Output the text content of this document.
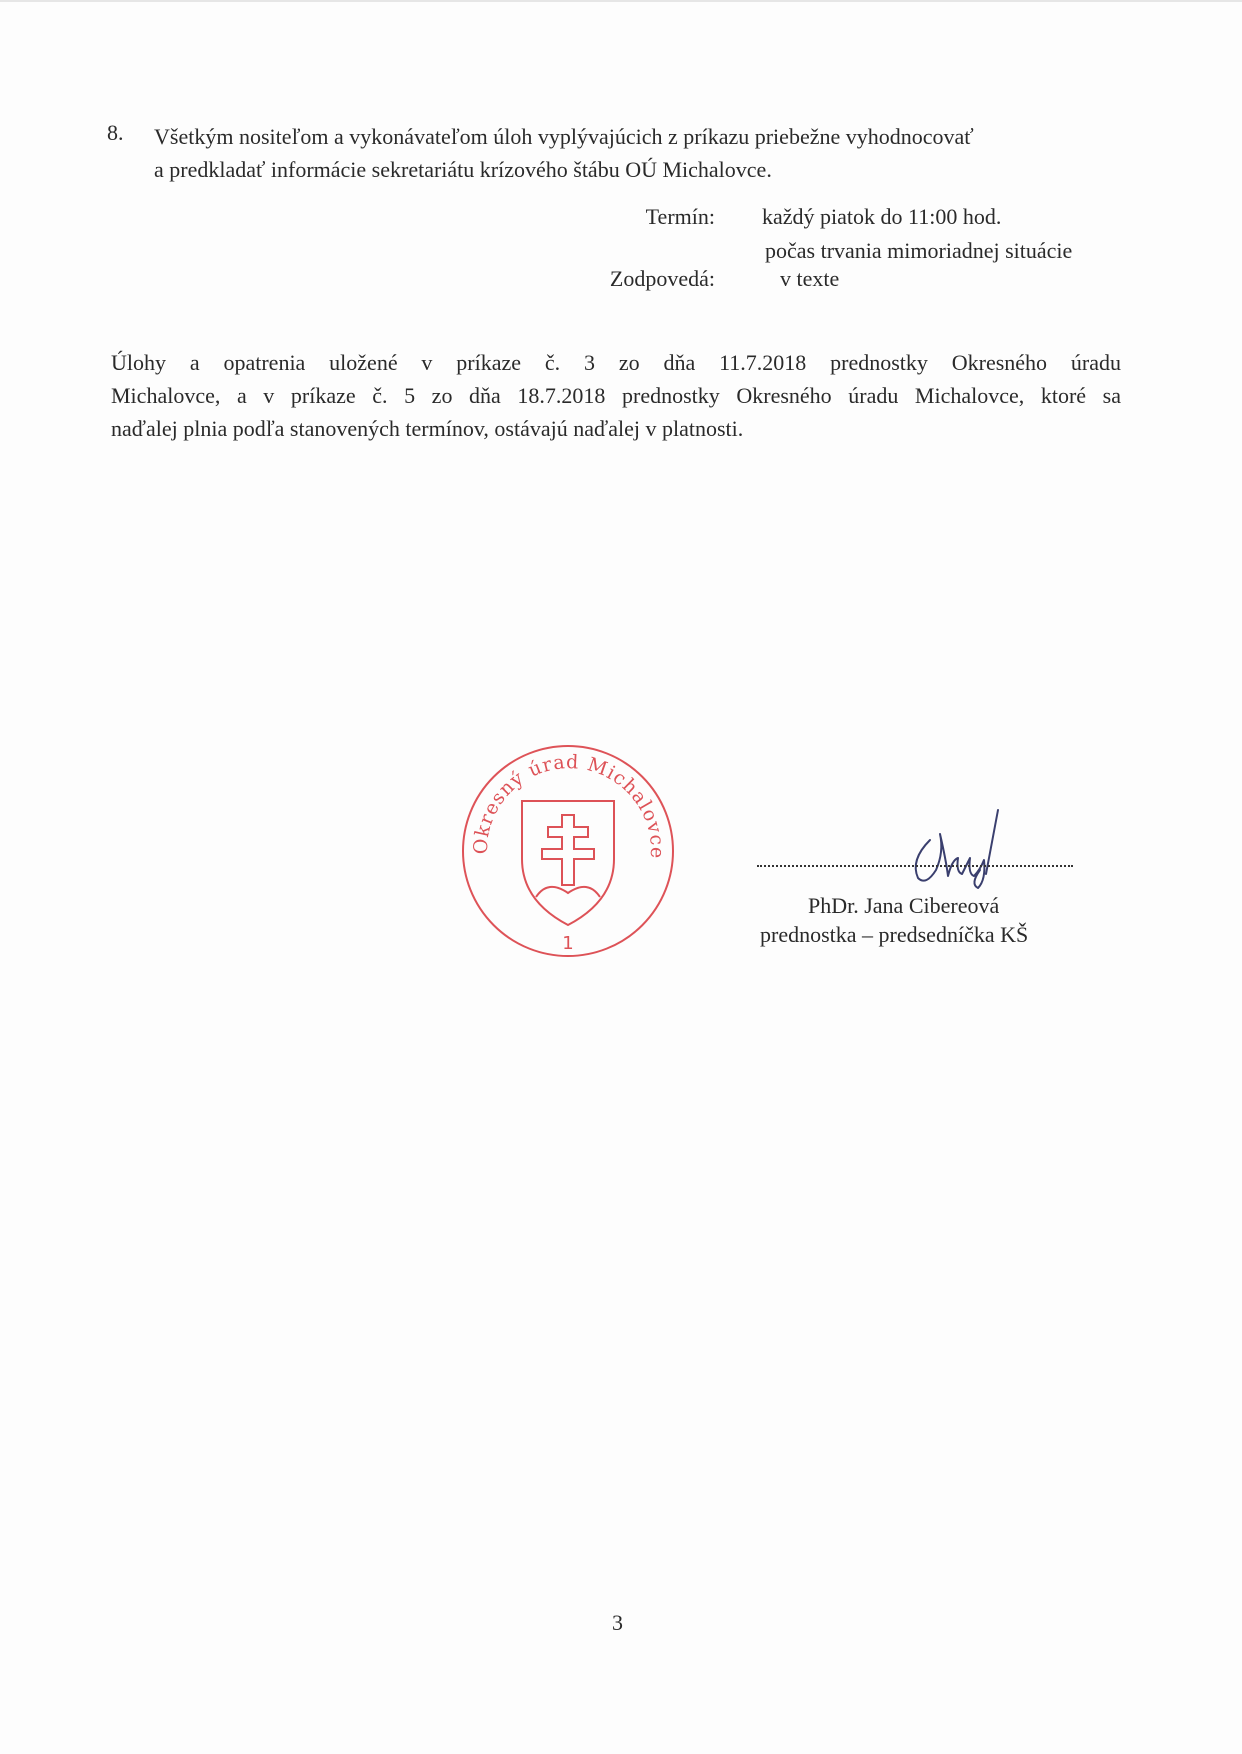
8. Všetkým nositeľom a vykonávateľom úloh vyplývajúcich z príkazu priebežne vyhodnocovať
a predkladať informácie sekretariátu krízového štábu OÚ Michalovce.
Termín: každý piatok do 11:00 hod.
počas trvania mimoriadnej situácie
Zodpovedá:	v texte
Úlohy a opatrenia uložené v príkaze č. 3 zo dňa 11.7.2018 prednostky Okresného úradu
Michalovce, a v príkaze č. 5 zo dňa 18.7.2018 prednostky Okresného úradu Michalovce, ktoré sa
naďalej plnia podľa stanovených termínov, ostávajú naďalej v platnosti.
Okresný úrad Michalovce
1
PhDr. Jana Cibereová
prednostka – predsedníčka KŠ
3
